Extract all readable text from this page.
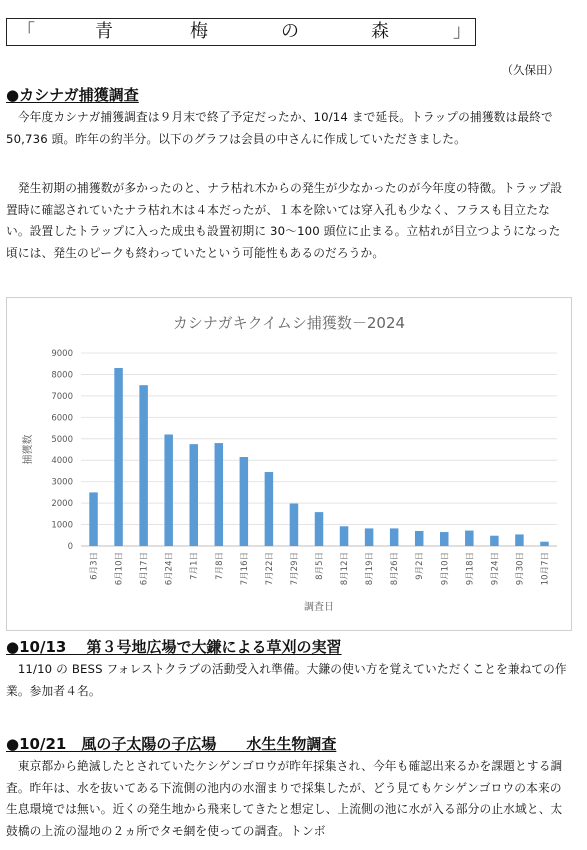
「	青	梅	の	森	」
（久保田）
●カシナガ捕獲調査

　今年度カシナガ捕獲調査は９月末で終了予定だったか、10/14 まで延長。トラップの捕獲数は最終で 50,736 頭。昨年の約半分。以下のグラフは会員の中さんに作成していただきました。

　発生初期の捕獲数が多かったのと、ナラ枯れ木からの発生が少なかったのが今年度の特徴。トラップ設置時に確認されていたナラ枯れ木は４本だったが、１本を除いては穿入孔も少なく、フラスも目立たない。設置したトラップに入った成虫も設置初期に 30～100 頭位に止まる。立枯れが目立つようになった頃には、発生のピークも終わっていたという可能性もあるのだろうか。

カシナガキクイムシ捕獲数－2024
0
1000
2000
3000
4000
5000
6000
7000
8000
9000
6月3日 6月10日 6月17日 6月24日 7月1日 7月8日 7月16日 7月22日 7月29日 8月5日 8月12日 8月19日 8月26日 9月2日 9月10日 9月18日 9月24日 9月30日 10月7日
調査日
捕獲数
●10/13　 第３号地広場で大鎌による草刈の実習

　11/10 の BESS フォレストクラブの活動受入れ準備。大鎌の使い方を覚えていただくことを兼ねての作業。参加者４名。

●10/21　風の子太陽の子広場　　水生生物調査

　東京都から絶滅したとされていたケシゲンゴロウが昨年採集され、今年も確認出来るかを課題とする調査。昨年は、水を抜いてある下流側の池内の水溜まりで採集したが、どう見てもケシゲンゴロウの本来の生息環境では無い。近くの発生地から飛来してきたと想定し、上流側の池に水が入る部分の止水域と、太鼓橋の上流の湿地の２ヵ所でタモ網を使っての調査。トンボ
